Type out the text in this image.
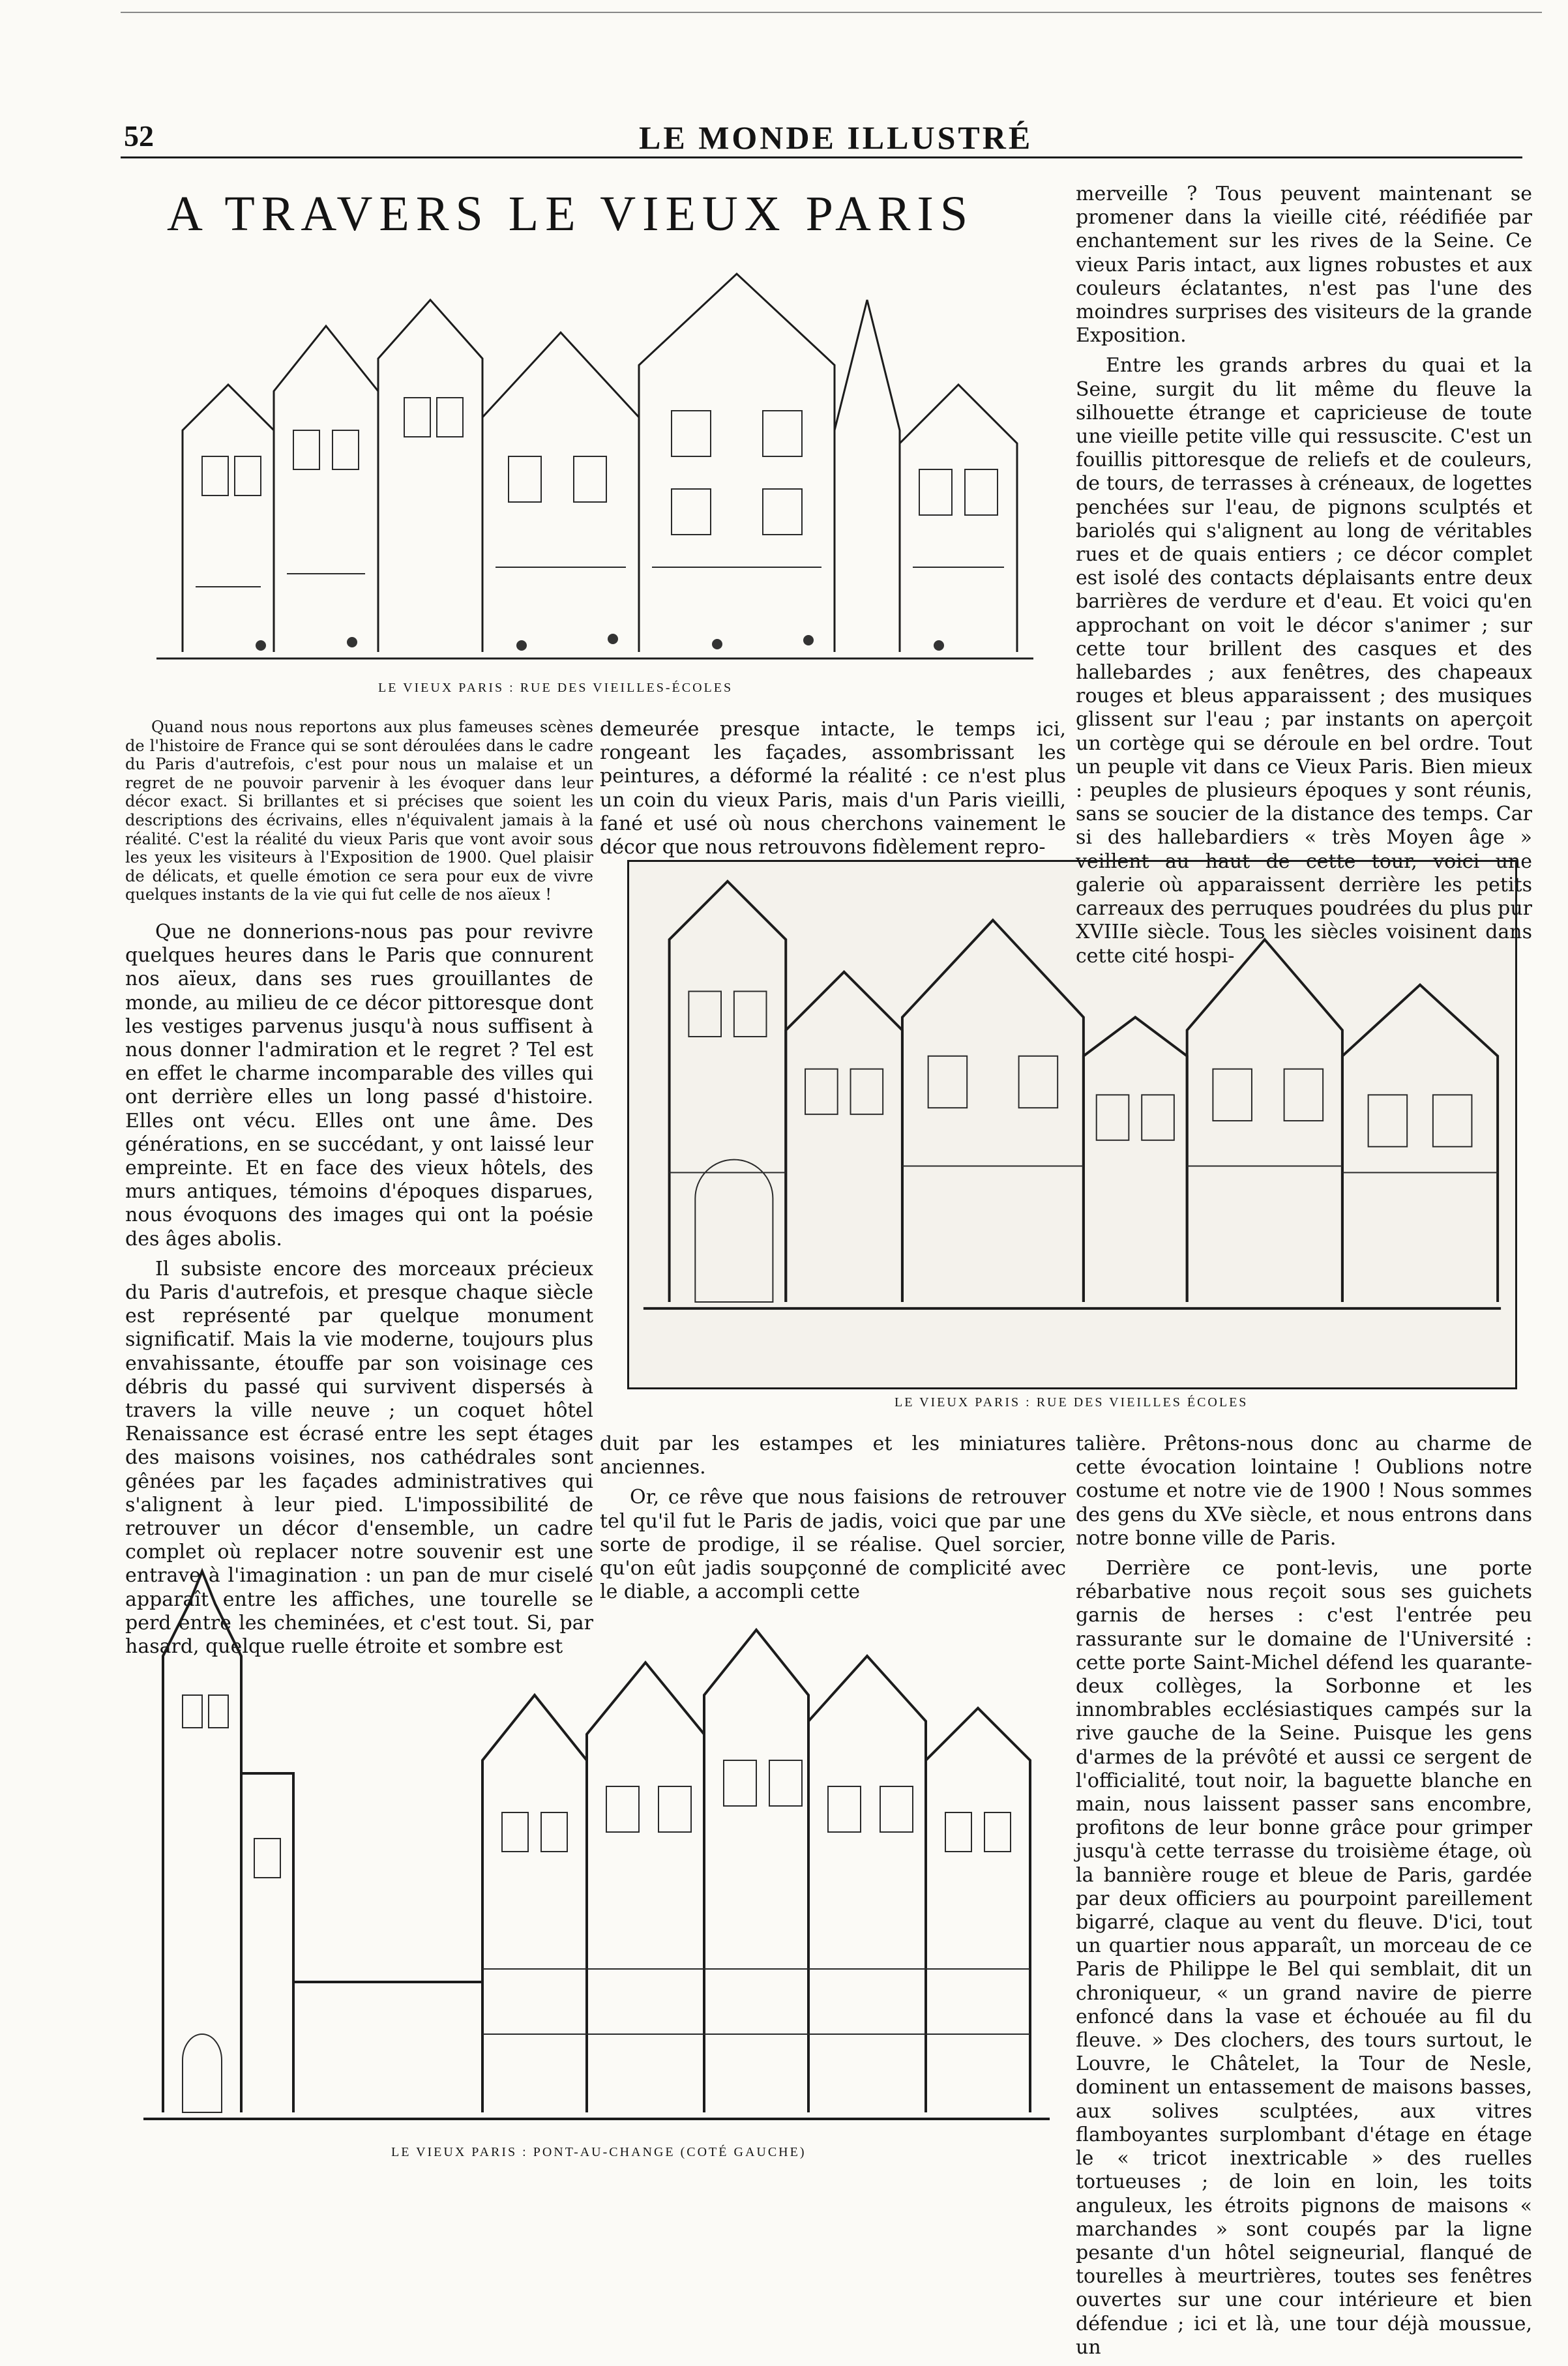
52	LE MONDE ILLUSTRÉ
A TRAVERS LE VIEUX PARIS
LE VIEUX PARIS : RUE DES VIEILLES-ÉCOLES

Quand nous nous reportons aux plus fameuses scènes de l'histoire de France qui se sont déroulées dans le cadre du Paris d'autrefois, c'est pour nous un malaise et un regret de ne pouvoir parvenir à les évoquer dans leur décor exact. Si brillantes et si précises que soient les descriptions des écrivains, elles n'équivalent jamais à la réalité. C'est la réalité du vieux Paris que vont avoir sous les yeux les visiteurs à l'Exposition de 1900. Quel plaisir de délicats, et quelle émotion ce sera pour eux de vivre quelques instants de la vie qui fut celle de nos aïeux !

Que ne donnerions-nous pas pour revivre quelques heures dans le Paris que connurent nos aïeux, dans ses rues grouillantes de monde, au milieu de ce décor pittoresque dont les vestiges parvenus jusqu'à nous suffisent à nous donner l'admiration et le regret ? Tel est en effet le charme incomparable des villes qui ont derrière elles un long passé d'histoire. Elles ont vécu. Elles ont une âme. Des générations, en se succédant, y ont laissé leur empreinte. Et en face des vieux hôtels, des murs antiques, témoins d'époques disparues, nous évoquons des images qui ont la poésie des âges abolis.

Il subsiste encore des morceaux précieux du Paris d'autrefois, et presque chaque siècle est représenté par quelque monument significatif. Mais la vie moderne, toujours plus envahissante, étouffe par son voisinage ces débris du passé qui survivent dispersés à travers la ville neuve ; un coquet hôtel Renaissance est écrasé entre les sept étages des maisons voisines, nos cathédrales sont gênées par les façades administratives qui s'alignent à leur pied. L'impossibilité de retrouver un décor d'ensemble, un cadre complet où replacer notre souvenir est une entrave à l'imagination : un pan de mur ciselé apparaît entre les affiches, une tourelle se perd entre les cheminées, et c'est tout. Si, par hasard, quelque ruelle étroite et sombre est

demeurée presque intacte, le temps ici, rongeant les façades, assombrissant les peintures, a déformé la réalité : ce n'est plus un coin du vieux Paris, mais d'un Paris vieilli, fané et usé où nous cherchons vainement le décor que nous retrouvons fidèlement repro-

LE VIEUX PARIS : RUE DES VIEILLES ÉCOLES

duit par les estampes et les miniatures anciennes.

Or, ce rêve que nous faisions de retrouver tel qu'il fut le Paris de jadis, voici que par une sorte de prodige, il se réalise. Quel sorcier, qu'on eût jadis soupçonné de complicité avec le diable, a accompli cette

merveille ? Tous peuvent maintenant se promener dans la vieille cité, réédifiée par enchantement sur les rives de la Seine. Ce vieux Paris intact, aux lignes robustes et aux couleurs éclatantes, n'est pas l'une des moindres surprises des visiteurs de la grande Exposition.

Entre les grands arbres du quai et la Seine, surgit du lit même du fleuve la silhouette étrange et capricieuse de toute une vieille petite ville qui ressuscite. C'est un fouillis pittoresque de reliefs et de couleurs, de tours, de terrasses à créneaux, de logettes penchées sur l'eau, de pignons sculptés et bariolés qui s'alignent au long de véritables rues et de quais entiers ; ce décor complet est isolé des contacts déplaisants entre deux barrières de verdure et d'eau. Et voici qu'en approchant on voit le décor s'animer ; sur cette tour brillent des casques et des hallebardes ; aux fenêtres, des chapeaux rouges et bleus apparaissent ; des musiques glissent sur l'eau ; par instants on aperçoit un cortège qui se déroule en bel ordre. Tout un peuple vit dans ce Vieux Paris. Bien mieux : peuples de plusieurs époques y sont réunis, sans se soucier de la distance des temps. Car si des hallebardiers « très Moyen âge » veillent au haut de cette tour, voici une galerie où apparaissent derrière les petits carreaux des perruques poudrées du plus pur XVIIIe siècle. Tous les siècles voisinent dans cette cité hospi-

talière. Prêtons-nous donc au charme de cette évocation lointaine ! Oublions notre costume et notre vie de 1900 ! Nous sommes des gens du XVe siècle, et nous entrons dans notre bonne ville de Paris.

Derrière ce pont-levis, une porte rébarbative nous reçoit sous ses guichets garnis de herses : c'est l'entrée peu rassurante sur le domaine de l'Université : cette porte Saint-Michel défend les quarante-deux collèges, la Sorbonne et les innombrables ecclésiastiques campés sur la rive gauche de la Seine. Puisque les gens d'armes de la prévôté et aussi ce sergent de l'officialité, tout noir, la baguette blanche en main, nous laissent passer sans encombre, profitons de leur bonne grâce pour grimper jusqu'à cette terrasse du troisième étage, où la bannière rouge et bleue de Paris, gardée par deux officiers au pourpoint pareillement bigarré, claque au vent du fleuve. D'ici, tout un quartier nous apparaît, un morceau de ce Paris de Philippe le Bel qui semblait, dit un chroniqueur, « un grand navire de pierre enfoncé dans la vase et échouée au fil du fleuve. » Des clochers, des tours surtout, le Louvre, le Châtelet, la Tour de Nesle, dominent un entassement de maisons basses, aux solives sculptées, aux vitres flamboyantes surplombant d'étage en étage le « tricot inextricable » des ruelles tortueuses ; de loin en loin, les toits anguleux, les étroits pignons de maisons « marchandes » sont coupés par la ligne pesante d'un hôtel seigneurial, flanqué de tourelles à meurtrières, toutes ses fenêtres ouvertes sur une cour intérieure et bien défendue ; ici et là, une tour déjà moussue, un

LE VIEUX PARIS : PONT-AU-CHANGE (COTÉ GAUCHE)
